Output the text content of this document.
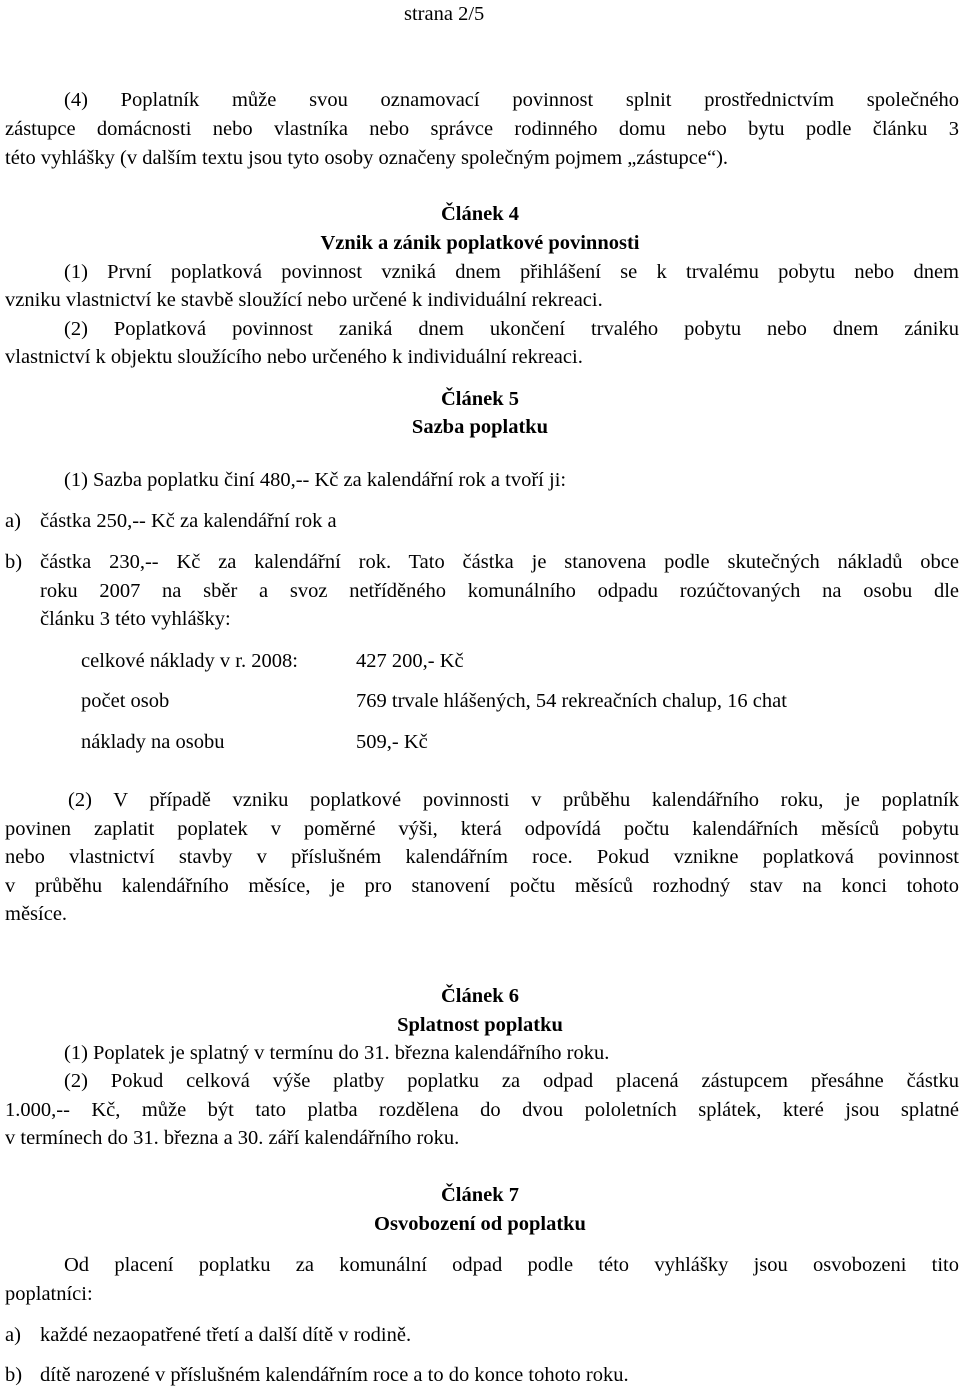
strana 2/5
(4) Poplatník může svou oznamovací povinnost splnit prostřednictvím společného
zástupce domácnosti nebo vlastníka nebo správce rodinného domu nebo bytu podle článku 3
této vyhlášky (v dalším textu jsou tyto osoby označeny společným pojmem „zástupce“).
Článek 4
Vznik a zánik poplatkové povinnosti
(1) První poplatková povinnost vzniká dnem přihlášení se k trvalému pobytu nebo dnem
vzniku vlastnictví ke stavbě sloužící nebo určené k individuální rekreaci.
(2) Poplatková povinnost zaniká dnem ukončení trvalého pobytu nebo dnem zániku
vlastnictví k objektu sloužícího nebo určeného k individuální rekreaci.
Článek 5
Sazba poplatku
(1) Sazba poplatku činí 480,-- Kč za kalendářní rok a tvoří ji:
a) částka 250,-- Kč za kalendářní rok a
b) částka 230,-- Kč za kalendářní rok. Tato částka je stanovena podle skutečných nákladů obce
roku 2007 na sběr a svoz netříděného komunálního odpadu rozúčtovaných na osobu dle
článku 3 této vyhlášky:
celkové náklady v r. 2008:	427 200,- Kč
počet osob	769 trvale hlášených, 54 rekreačních chalup, 16 chat
náklady na osobu	509,- Kč
(2) V případě vzniku poplatkové povinnosti v průběhu kalendářního roku, je poplatník
povinen zaplatit poplatek v poměrné výši, která odpovídá počtu kalendářních měsíců pobytu
nebo vlastnictví stavby v příslušném kalendářním roce. Pokud vznikne poplatková povinnost
v průběhu kalendářního měsíce, je pro stanovení počtu měsíců rozhodný stav na konci tohoto
měsíce.
Článek 6
Splatnost poplatku
(1) Poplatek je splatný v termínu do 31. března kalendářního roku.
(2) Pokud celková výše platby poplatku za odpad placená zástupcem přesáhne částku
1.000,-- Kč, může být tato platba rozdělena do dvou pololetních splátek, které jsou splatné
v termínech do 31. března a 30. září kalendářního roku.
Článek 7
Osvobození od poplatku
Od placení poplatku za komunální odpad podle této vyhlášky jsou osvobozeni tito
poplatníci:
a) každé nezaopatřené třetí a další dítě v rodině.
b) dítě narozené v příslušném kalendářním roce a to do konce tohoto roku.
